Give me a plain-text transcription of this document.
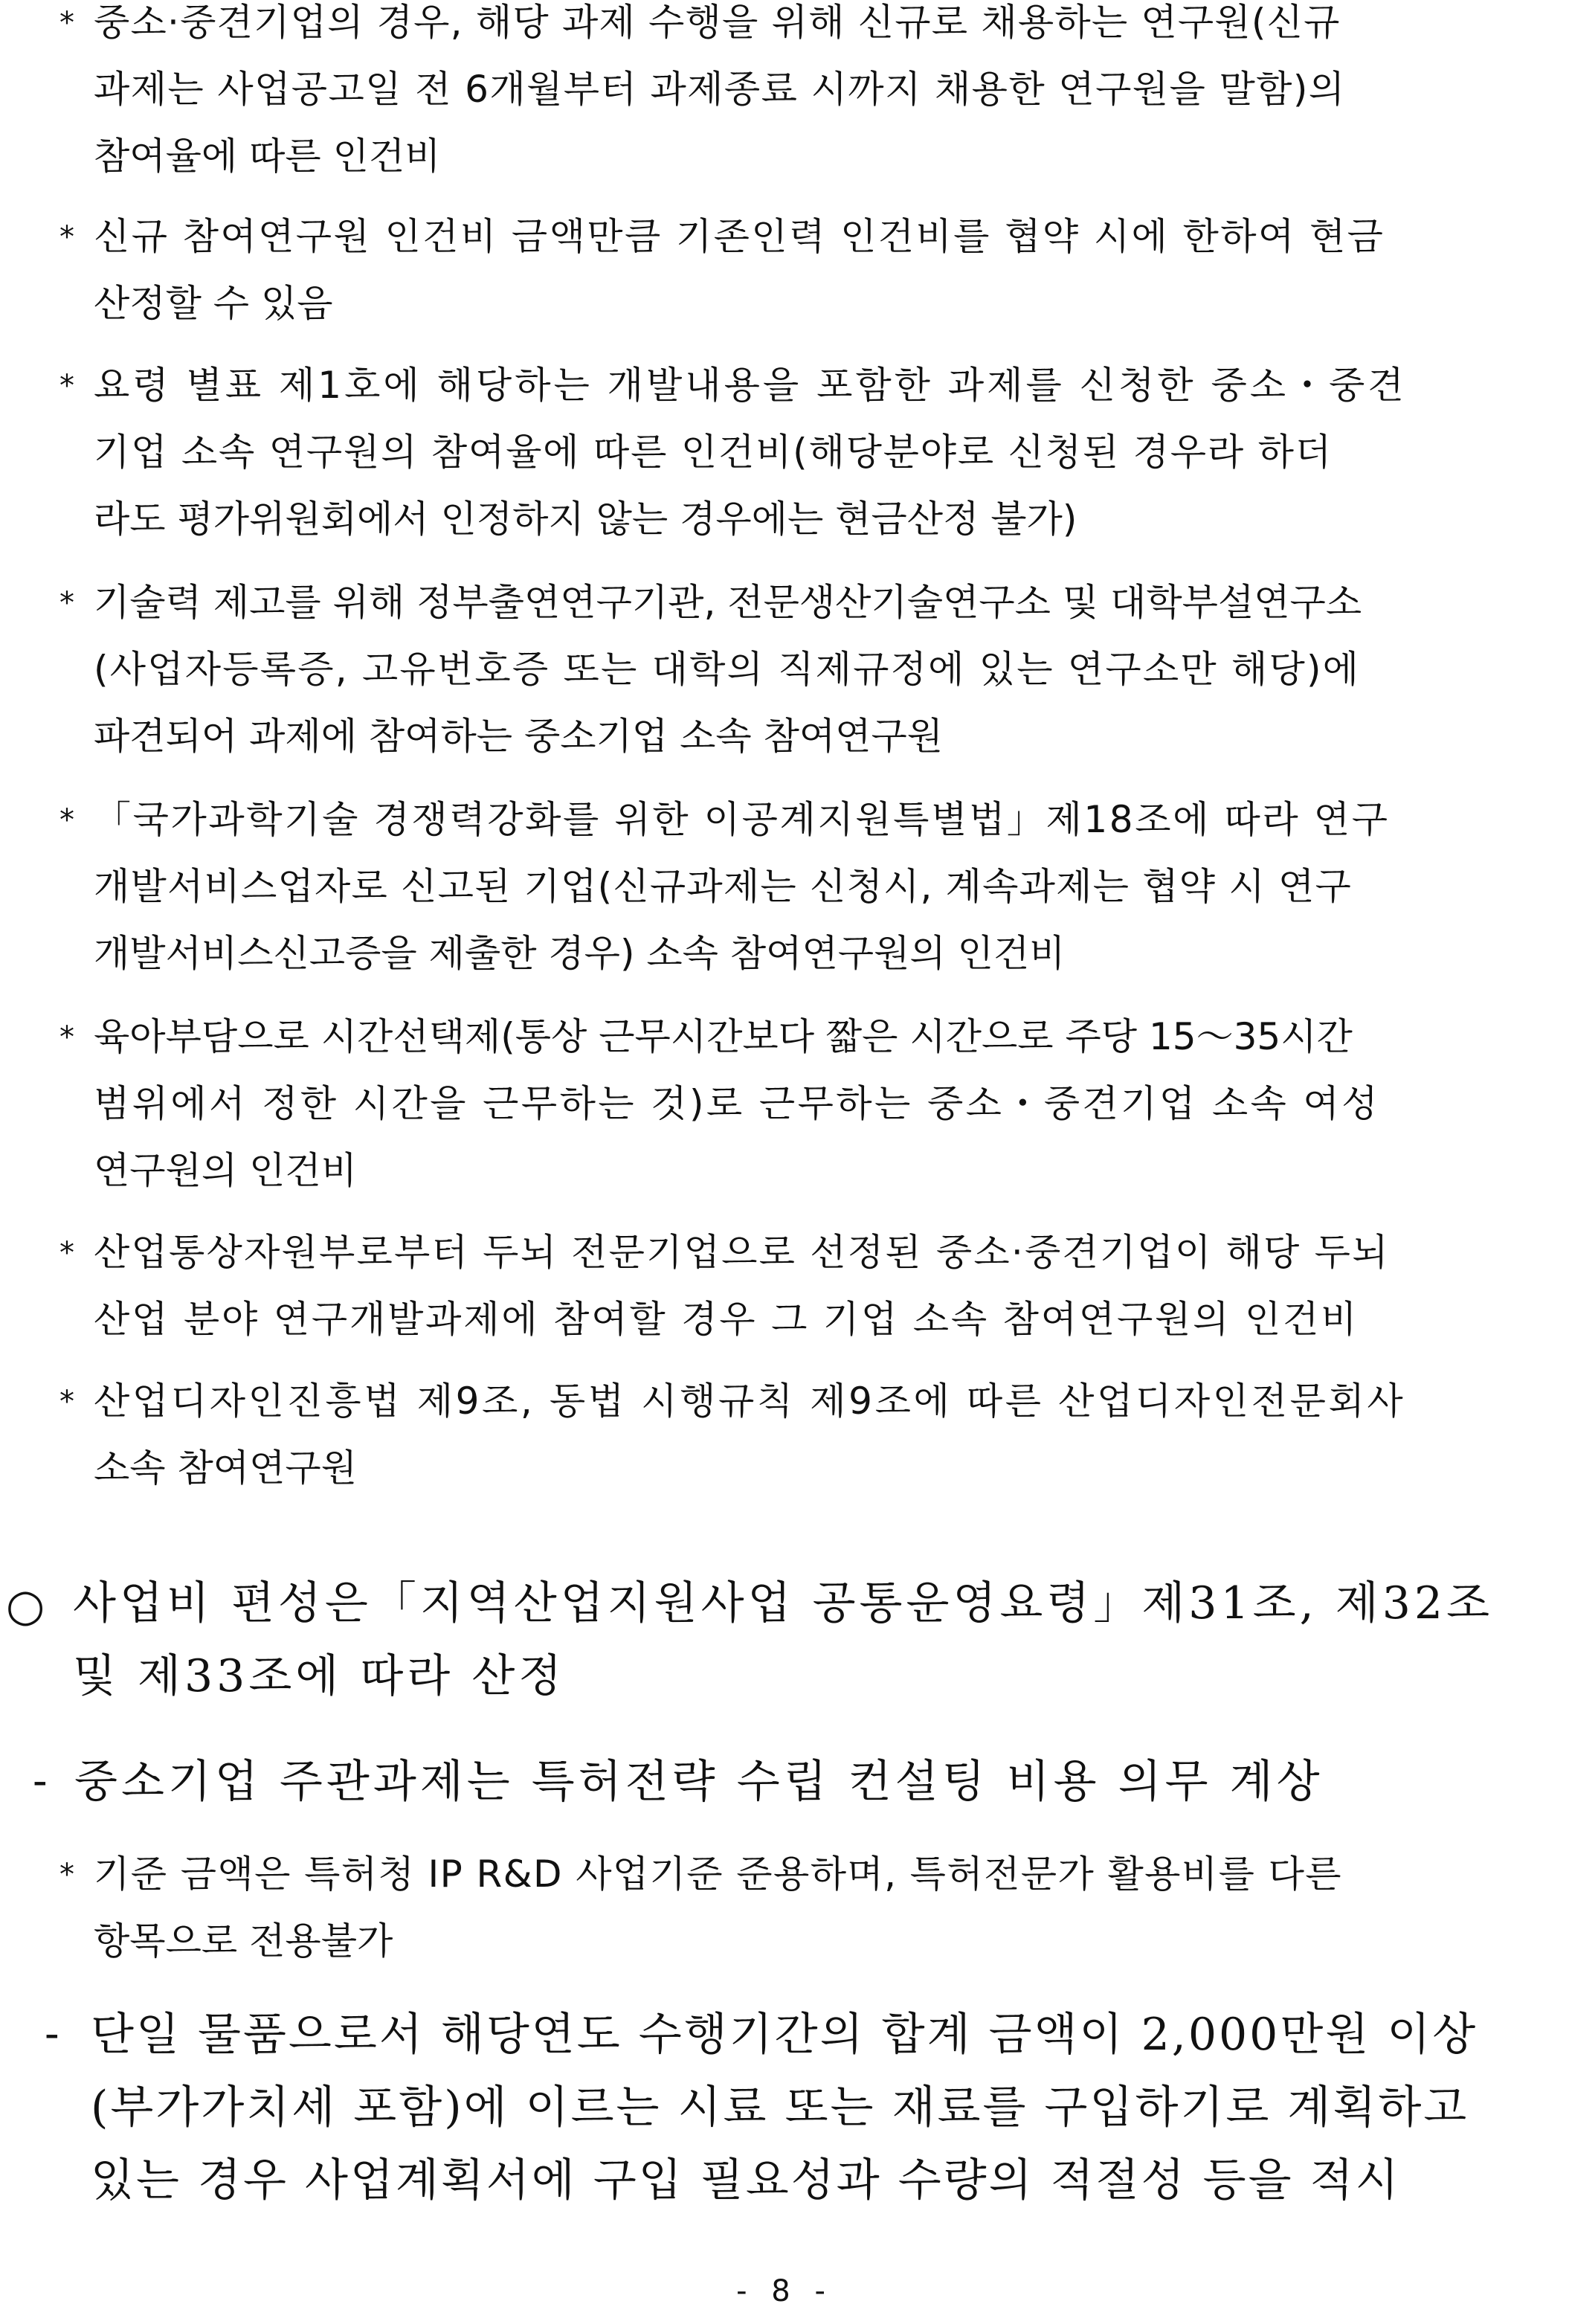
* 중소·중견기업의 경우, 해당 과제 수행을 위해 신규로 채용하는 연구원(신규
과제는 사업공고일 전 6개월부터 과제종료 시까지 채용한 연구원을 말함)의
참여율에 따른 인건비
* 신규 참여연구원 인건비 금액만큼 기존인력 인건비를 협약 시에 한하여 현금
산정할 수 있음
* 요령 별표 제1호에 해당하는 개발내용을 포함한 과제를 신청한 중소・중견
기업 소속 연구원의 참여율에 따른 인건비(해당분야로 신청된 경우라 하더
라도 평가위원회에서 인정하지 않는 경우에는 현금산정 불가)
* 기술력 제고를 위해 정부출연연구기관, 전문생산기술연구소 및 대학부설연구소
(사업자등록증, 고유번호증 또는 대학의 직제규정에 있는 연구소만 해당)에
파견되어 과제에 참여하는 중소기업 소속 참여연구원
* 「국가과학기술 경쟁력강화를 위한 이공계지원특별법」제18조에 따라 연구
개발서비스업자로 신고된 기업(신규과제는 신청시, 계속과제는 협약 시 연구
개발서비스신고증을 제출한 경우) 소속 참여연구원의 인건비
* 육아부담으로 시간선택제(통상 근무시간보다 짧은 시간으로 주당 15～35시간
범위에서 정한 시간을 근무하는 것)로 근무하는 중소・중견기업 소속 여성
연구원의 인건비
* 산업통상자원부로부터 두뇌 전문기업으로 선정된 중소·중견기업이 해당 두뇌
산업 분야 연구개발과제에 참여할 경우 그 기업 소속 참여연구원의 인건비
* 산업디자인진흥법 제9조, 동법 시행규칙 제9조에 따른 산업디자인전문회사
소속 참여연구원
○ 사업비 편성은「지역산업지원사업 공통운영요령」제31조, 제32조
및 제33조에 따라 산정
- 중소기업 주관과제는 특허전략 수립 컨설팅 비용 의무 계상
* 기준 금액은 특허청 IP R&D 사업기준 준용하며, 특허전문가 활용비를 다른
항목으로 전용불가
- 단일 물품으로서 해당연도 수행기간의 합계 금액이 2,000만원 이상
(부가가치세 포함)에 이르는 시료 또는 재료를 구입하기로 계획하고
있는 경우 사업계획서에 구입 필요성과 수량의 적절성 등을 적시
- 8 -
